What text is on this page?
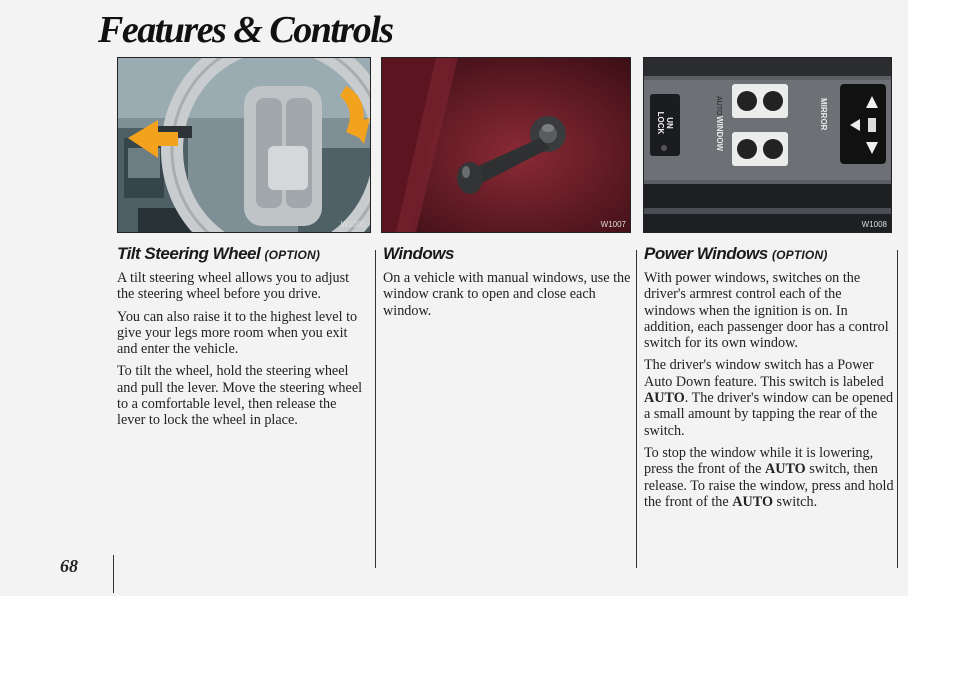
Features & Controls
68
W1000	W1007
UN LOCK
AUTO
WINDOW
MIRROR
W1008
Tilt Steering Wheel (OPTION)

A tilt steering wheel allows you to adjust the steering wheel before you drive.

You can also raise it to the highest level to give your legs more room when you exit and enter the vehicle.

To tilt the wheel, hold the steering wheel and pull the lever. Move the steering wheel to a comfortable level, then release the lever to lock the wheel in place.

Windows

On a vehicle with manual windows, use the window crank to open and close each window.

Power Windows (OPTION)

With power windows, switches on the driver's armrest control each of the windows when the ignition is on. In addition, each passenger door has a control switch for its own window.

The driver's window switch has a Power Auto Down feature. This switch is labeled AUTO. The driver's window can be opened a small amount by tapping the rear of the switch.

To stop the window while it is lowering, press the front of the AUTO switch, then release. To raise the window, press and hold the front of the AUTO switch.
